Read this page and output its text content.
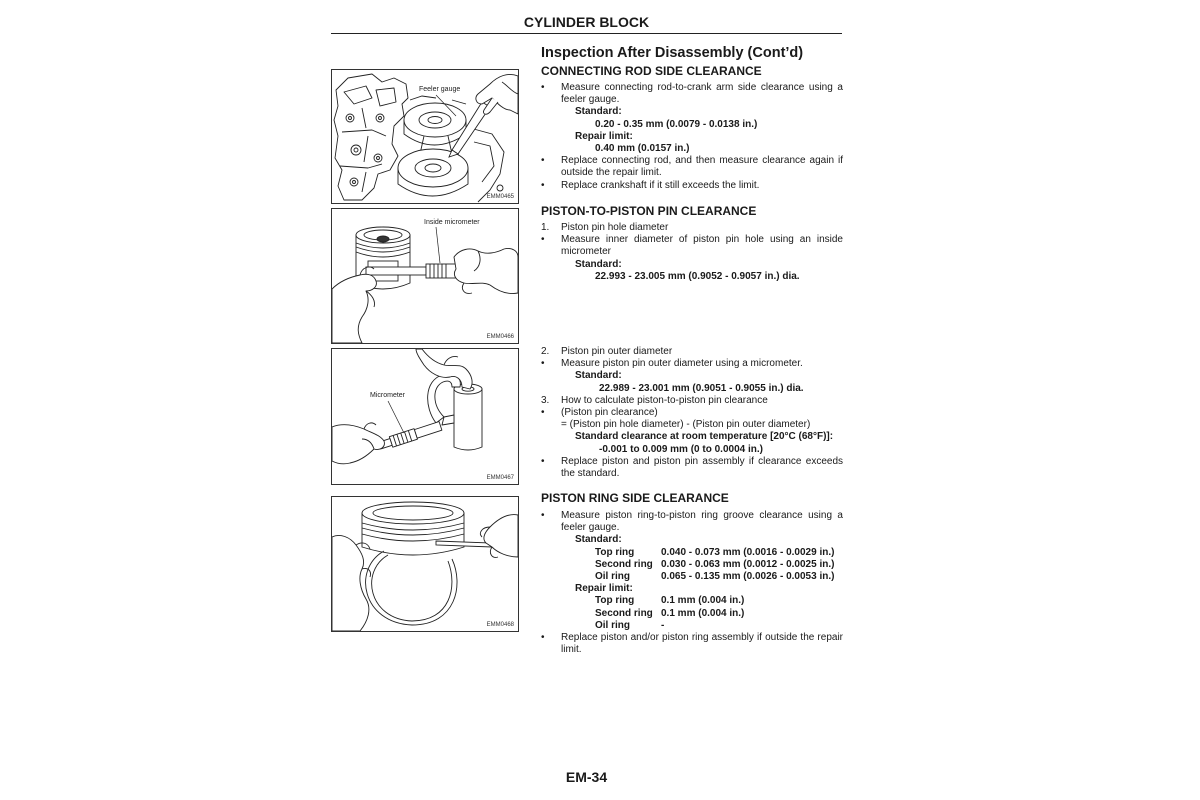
CYLINDER BLOCK
Feeler gauge
EMM0465
Inside micrometer
EMM0466
Micrometer
EMM0467
EMM0468
Inspection After Disassembly (Cont’d)
CONNECTING ROD SIDE CLEARANCE
•	Measure connecting rod-to-crank arm side clearance using a feeler gauge.
Standard:
0.20 - 0.35 mm (0.0079 - 0.0138 in.)
Repair limit:
0.40 mm (0.0157 in.)
•	Replace connecting rod, and then measure clearance again if outside the repair limit.
•	Replace crankshaft if it still exceeds the limit.
PISTON-TO-PISTON PIN CLEARANCE
1.	Piston pin hole diameter
•	Measure inner diameter of piston pin hole using an inside micrometer
Standard:
22.993 - 23.005 mm (0.9052 - 0.9057 in.) dia.
2.	Piston pin outer diameter
•	Measure piston pin outer diameter using a micrometer.
Standard:
22.989 - 23.001 mm (0.9051 - 0.9055 in.) dia.
3.	How to calculate piston-to-piston pin clearance
•	(Piston pin clearance)
= (Piston pin hole diameter) - (Piston pin outer diameter)
Standard clearance at room temperature [20°C (68°F)]:
-0.001 to 0.009 mm (0 to 0.0004 in.)
•	Replace piston and piston pin assembly if clearance exceeds the standard.
PISTON RING SIDE CLEARANCE
•	Measure piston ring-to-piston ring groove clearance using a feeler gauge.
Standard:
Top ring	0.040 - 0.073 mm (0.0016 - 0.0029 in.)
Second ring 0.030 - 0.063 mm (0.0012 - 0.0025 in.)
Oil ring	0.065 - 0.135 mm (0.0026 - 0.0053 in.)
Repair limit:
Top ring	0.1 mm (0.004 in.)
Second ring 0.1 mm (0.004 in.)
Oil ring	-
•	Replace piston and/or piston ring assembly if outside the repair limit.
EM-34
